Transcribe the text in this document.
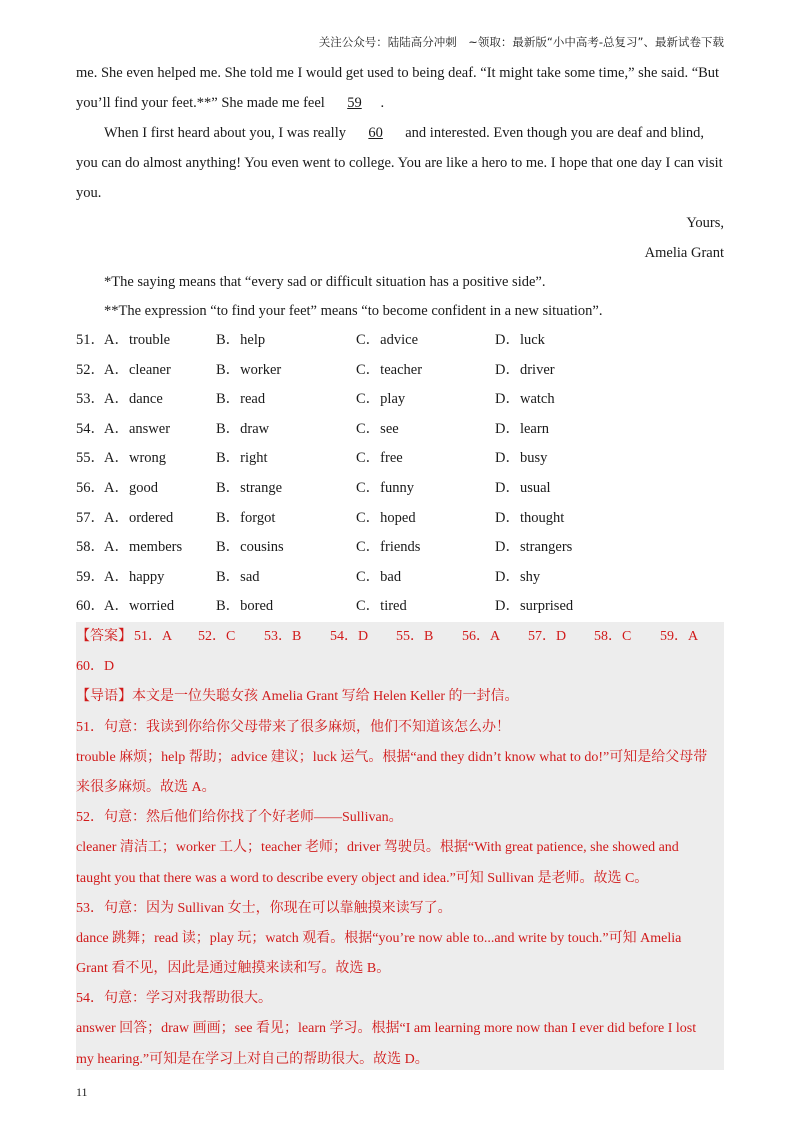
关注公众号：陆陆高分冲刺　~领取：最新版“小中高考-总复习”、最新试卷下载
me. She even helped me. She told me I would get used to being deaf. “It might take some time,” she said. “But
you’ll find your feet.**” She made me feel 59 .
When I first heard about you, I was really 60 and interested. Even though you are deaf and blind,
you can do almost anything! You even went to college. You are like a hero to me. I hope that one day I can visit
you.
Yours,
Amelia Grant
*The saying means that “every sad or difficult situation has a positive side”.
**The expression “to find your feet” means “to become confident in a new situation”.
51． A．trouble	B．help	C．advice	D．luck
52． A．cleaner	B．worker	C．teacher	D．driver
53． A．dance	B．read	C．play	D．watch
54． A．answer	B．draw	C．see	D．learn
55． A．wrong	B．right	C．free	D．busy
56． A．good	B．strange	C．funny	D．usual
57． A．ordered	B．forgot	C．hoped	D．thought
58． A．members B．cousins	C．friends	D．strangers
59． A．happy	B．sad	C．bad	D．shy
60． A．worried	B．bored	C．tired	D．surprised
【答案】 51．A 52．C 53．B 54．D 55．B 56．A 57．D 58．C 59．A
60．D
【导语】本文是一位失聪女孩 Amelia Grant 写给 Helen Keller 的一封信。
51．句意：我读到你给你父母带来了很多麻烦，他们不知道该怎么办！
trouble 麻烦；help 帮助；advice 建议；luck 运气。根据“and they didn’t know what to do!”可知是给父母带
来很多麻烦。故选 A。
52．句意：然后他们给你找了个好老师——Sullivan。
cleaner 清洁工；worker 工人；teacher 老师；driver 驾驶员。根据“With great patience, she showed and
taught you that there was a word to describe every object and idea.”可知 Sullivan 是老师。故选 C。
53．句意：因为 Sullivan 女士，你现在可以靠触摸来读写了。
dance 跳舞；read 读；play 玩；watch 观看。根据“you’re now able to...and write by touch.”可知 Amelia
Grant 看不见，因此是通过触摸来读和写。故选 B。
54．句意：学习对我帮助很大。
answer 回答；draw 画画；see 看见；learn 学习。根据“I am learning more now than I ever did before I lost
my hearing.”可知是在学习上对自己的帮助很大。故选 D。
11
